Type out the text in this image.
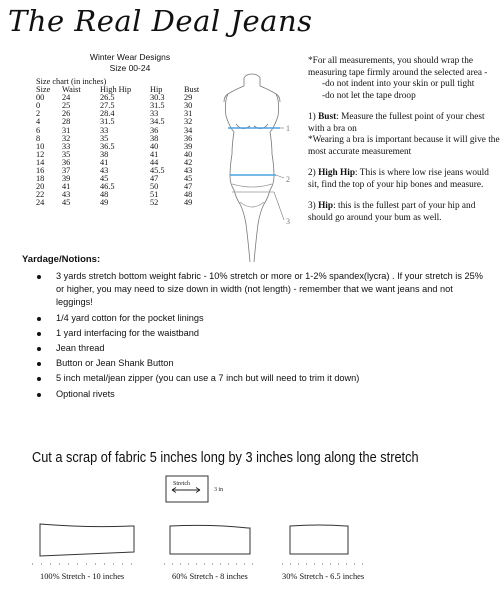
The Real Deal Jeans
Winter Wear Designs
Size 00-24
Size chart (in inches)
Size	Waist	High Hip	Hip	Bust
00	24	26.5	30.3	29
0	25	27.5	31.5	30
2	26	28.4	33	31
4	28	31.5	34.5	32
6	31	33	36	34
8	32	35	38	36
10	33	36.5	40	39
12	35	38	41	40
14	36	41	44	42
16	37	43	45.5	43
18	39	45	47	45
20	41	46.5	50	47
22	43	48	51	48
24	45	49	52	49
1
2
3

*For all measurements, you should wrap the measuring tape firmly around the selected area -

-do not indent into your skin or pull tight

-do not let the tape droop

1) Bust: Measure the fullest point of your chest with a bra on

*Wearing a bra is important because it will give the most accurate measurement

2) High Hip: This is where low rise jeans would sit, find the top of your hip bones and measure.

3) Hip: this is the fullest part of your hip and should go around your bum as well.

Yardage/Notions:
3 yards stretch bottom weight fabric - 10% stretch or more or 1-2% spandex(lycra) . If your stretch is 25% or higher, you may need to size down in width (not length) - remember that we want jeans and not leggings!
1/4 yard cotton for the pocket linings
1 yard interfacing for the waistband
Jean thread
Button or Jean Shank Button
5 inch metal/jean zipper (you can use a 7 inch but will need to trim it down)
Optional rivets
Cut a scrap of fabric 5 inches long by 3 inches long along the stretch
Stretch
3 in
100% Stretch - 10 inches	60% Stretch - 8 inches	30% Stretch - 6.5 inches
